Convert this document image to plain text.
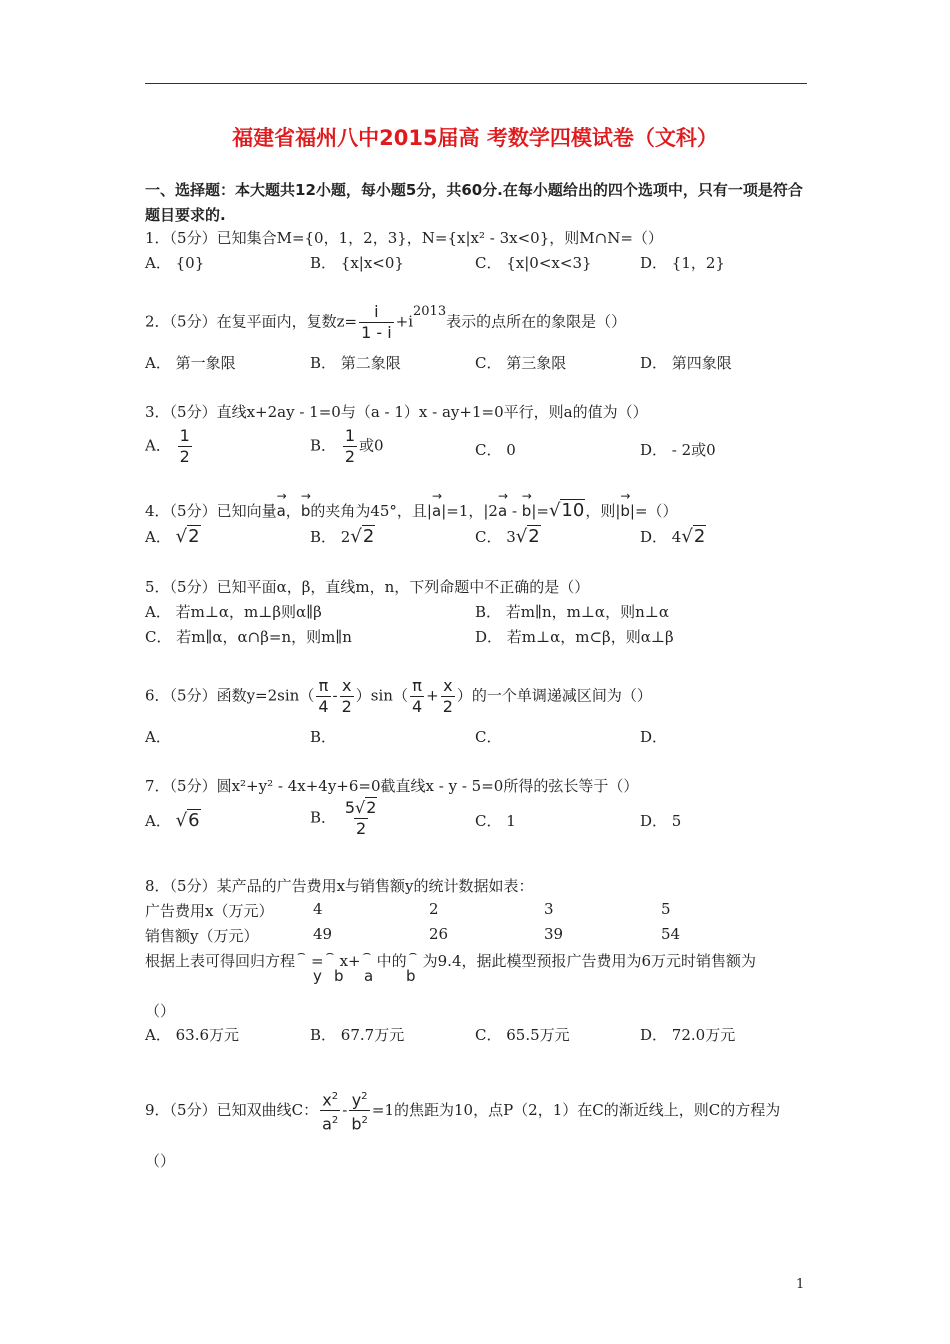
福建省福州八中2015届高 考数学四模试卷（文科）
一、选择题：本大题共12小题，每小题5分，共60分.在每小题给出的四个选项中，只有一项是符合题目要求的.
1．（5分）已知集合M={0，1，2，3}，N={x|x² - 3x<0}，则M∩N=（）
A． {0}	B． {x|x<0}	C． {x|0<x<3}	D． {1，2}
2．（5分）在复平面内，复数$z= \frac{i}{1 - i} +i^{2013}$表示的点所在的象限是（）
A． 第一象限	B． 第二象限	C． 第三象限	D． 第四象限
3．（5分）直线x+2ay - 1=0与（a - 1）x - ay+1=0平行，则a的值为（）
A． $\frac{1}{2}$	B． $\frac{1}{2}$ 或0	C． 0	D． - 2或0
4．（5分）已知向量→ a，→ b的夹角为45°，且|→ a|=1，|2→ a - → b|=√10，则|→ b|=（）
A． √2	B． 2√2	C． 3√2	D． 4√2
5．（5分）已知平面α，β，直线m，n，下列命题中不正确的是（）
A． 若m⊥α，m⊥β则α∥β	B． 若m∥n，m⊥α，则n⊥α
C． 若m∥α，α∩β=n，则m∥n	D． 若m⊥α，m⊂β，则α⊥β
6．（5分）函数$y=2\sin( \frac{\pi}{4} - \frac{x}{2} )\sin( \frac{\pi}{4} + \frac{x}{2}$ ）的一个单调递减区间为（）
A．	B．	C．	D．
7．（5分）圆x²+y² - 4x+4y+6=0截直线x - y - 5=0所得的弦长等于（）
A． √6	B． $\frac{5√2}{2}$	C． 1	D． 5
8．（5分）某产品的广告费用x与销售额y的统计数据如表：
广告费用x（万元）	4	2	3	5
销售额y（万元）	49	26	39	54
根据上表可得回归方程 ⌢ = ⌢ x+ ⌢ 中的 ⌢ 为9.4，据此模型预报广告费用为6万元时销售额为
y b a b
（）
A． 63.6万元	B． 67.7万元	C． 65.5万元	D． 72.0万元
9．（5分）已知双曲线C： $\frac{x^2}{a^2} - \frac{y^2}{b^2} =1$的焦距为10，点P（2，1）在C的渐近线上，则C的方程为
（）
1
